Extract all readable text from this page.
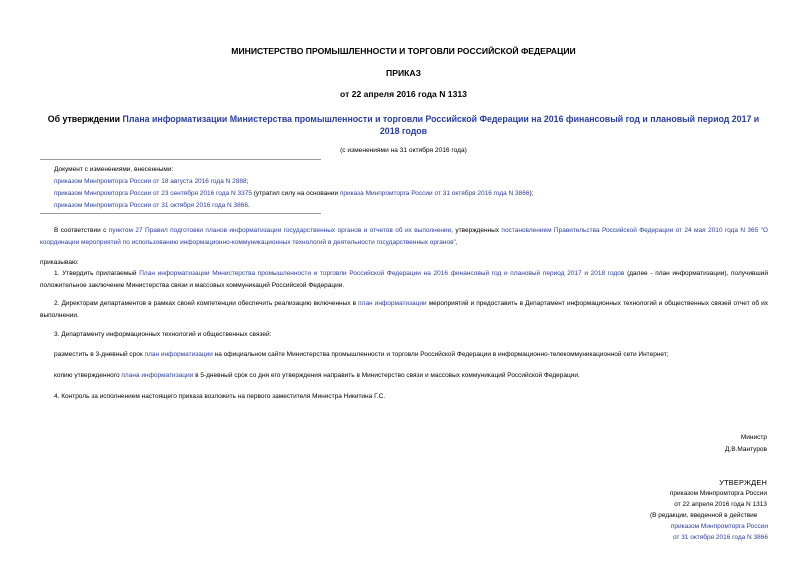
МИНИСТЕРСТВО ПРОМЫШЛЕННОСТИ И ТОРГОВЛИ РОССИЙСКОЙ ФЕДЕРАЦИИ
ПРИКАЗ
от 22 апреля 2016 года N 1313
Об утверждении Плана информатизации Министерства промышленности и торговли Российской Федерации на 2016 финансовый год и плановый период 2017 и 2018 годов
(с изменениями на 31 октября 2016 года)
Документ с изменениями, внесенными:
приказом Минпромторга России от 18 августа 2016 года N 2888;
приказом Минпромторга России от 23 сентября 2016 года N 3375 (утратил силу на основании приказа Минпромторга России от 31 октября 2016 года N 3866);
приказом Минпромторга России от 31 октября 2016 года N 3866.
В соответствии с пунктом 27 Правил подготовки планов информатизации государственных органов и отчетов об их выполнении, утвержденных постановлением Правительства Российской Федерации от 24 мая 2010 года N 365 "О координации мероприятий по использованию информационно-коммуникационных технологий в деятельности государственных органов",
приказываю:
1. Утвердить прилагаемый План информатизации Министерства промышленности и торговли Российской Федерации на 2016 финансовый год и плановый период 2017 и 2018 годов (далее - план информатизации), получивший положительное заключение Министерства связи и массовых коммуникаций Российской Федерации.
2. Директорам департаментов в рамках своей компетенции обеспечить реализацию включенных в план информатизации мероприятий и предоставить в Департамент информационных технологий и общественных связей отчет об их выполнении.
3. Департаменту информационных технологий и общественных связей:
разместить в 3-дневный срок план информатизации на официальном сайте Министерства промышленности и торговли Российской Федерации в информационно-телекоммуникационной сети Интернет;
копию утвержденного плана информатизации в 5-дневный срок со дня его утверждения направить в Министерство связи и массовых коммуникаций Российской Федерации.
4. Контроль за исполнением настоящего приказа возложить на первого заместителя Министра Никитина Г.С.
Министр
Д.В.Мантуров
УТВЕРЖДЕН
приказом Минпромторга России
от 22 апреля 2016 года N 1313
(В редакции, введенной в действие
приказом Минпромторга России
от 31 октября 2016 года N 3866
